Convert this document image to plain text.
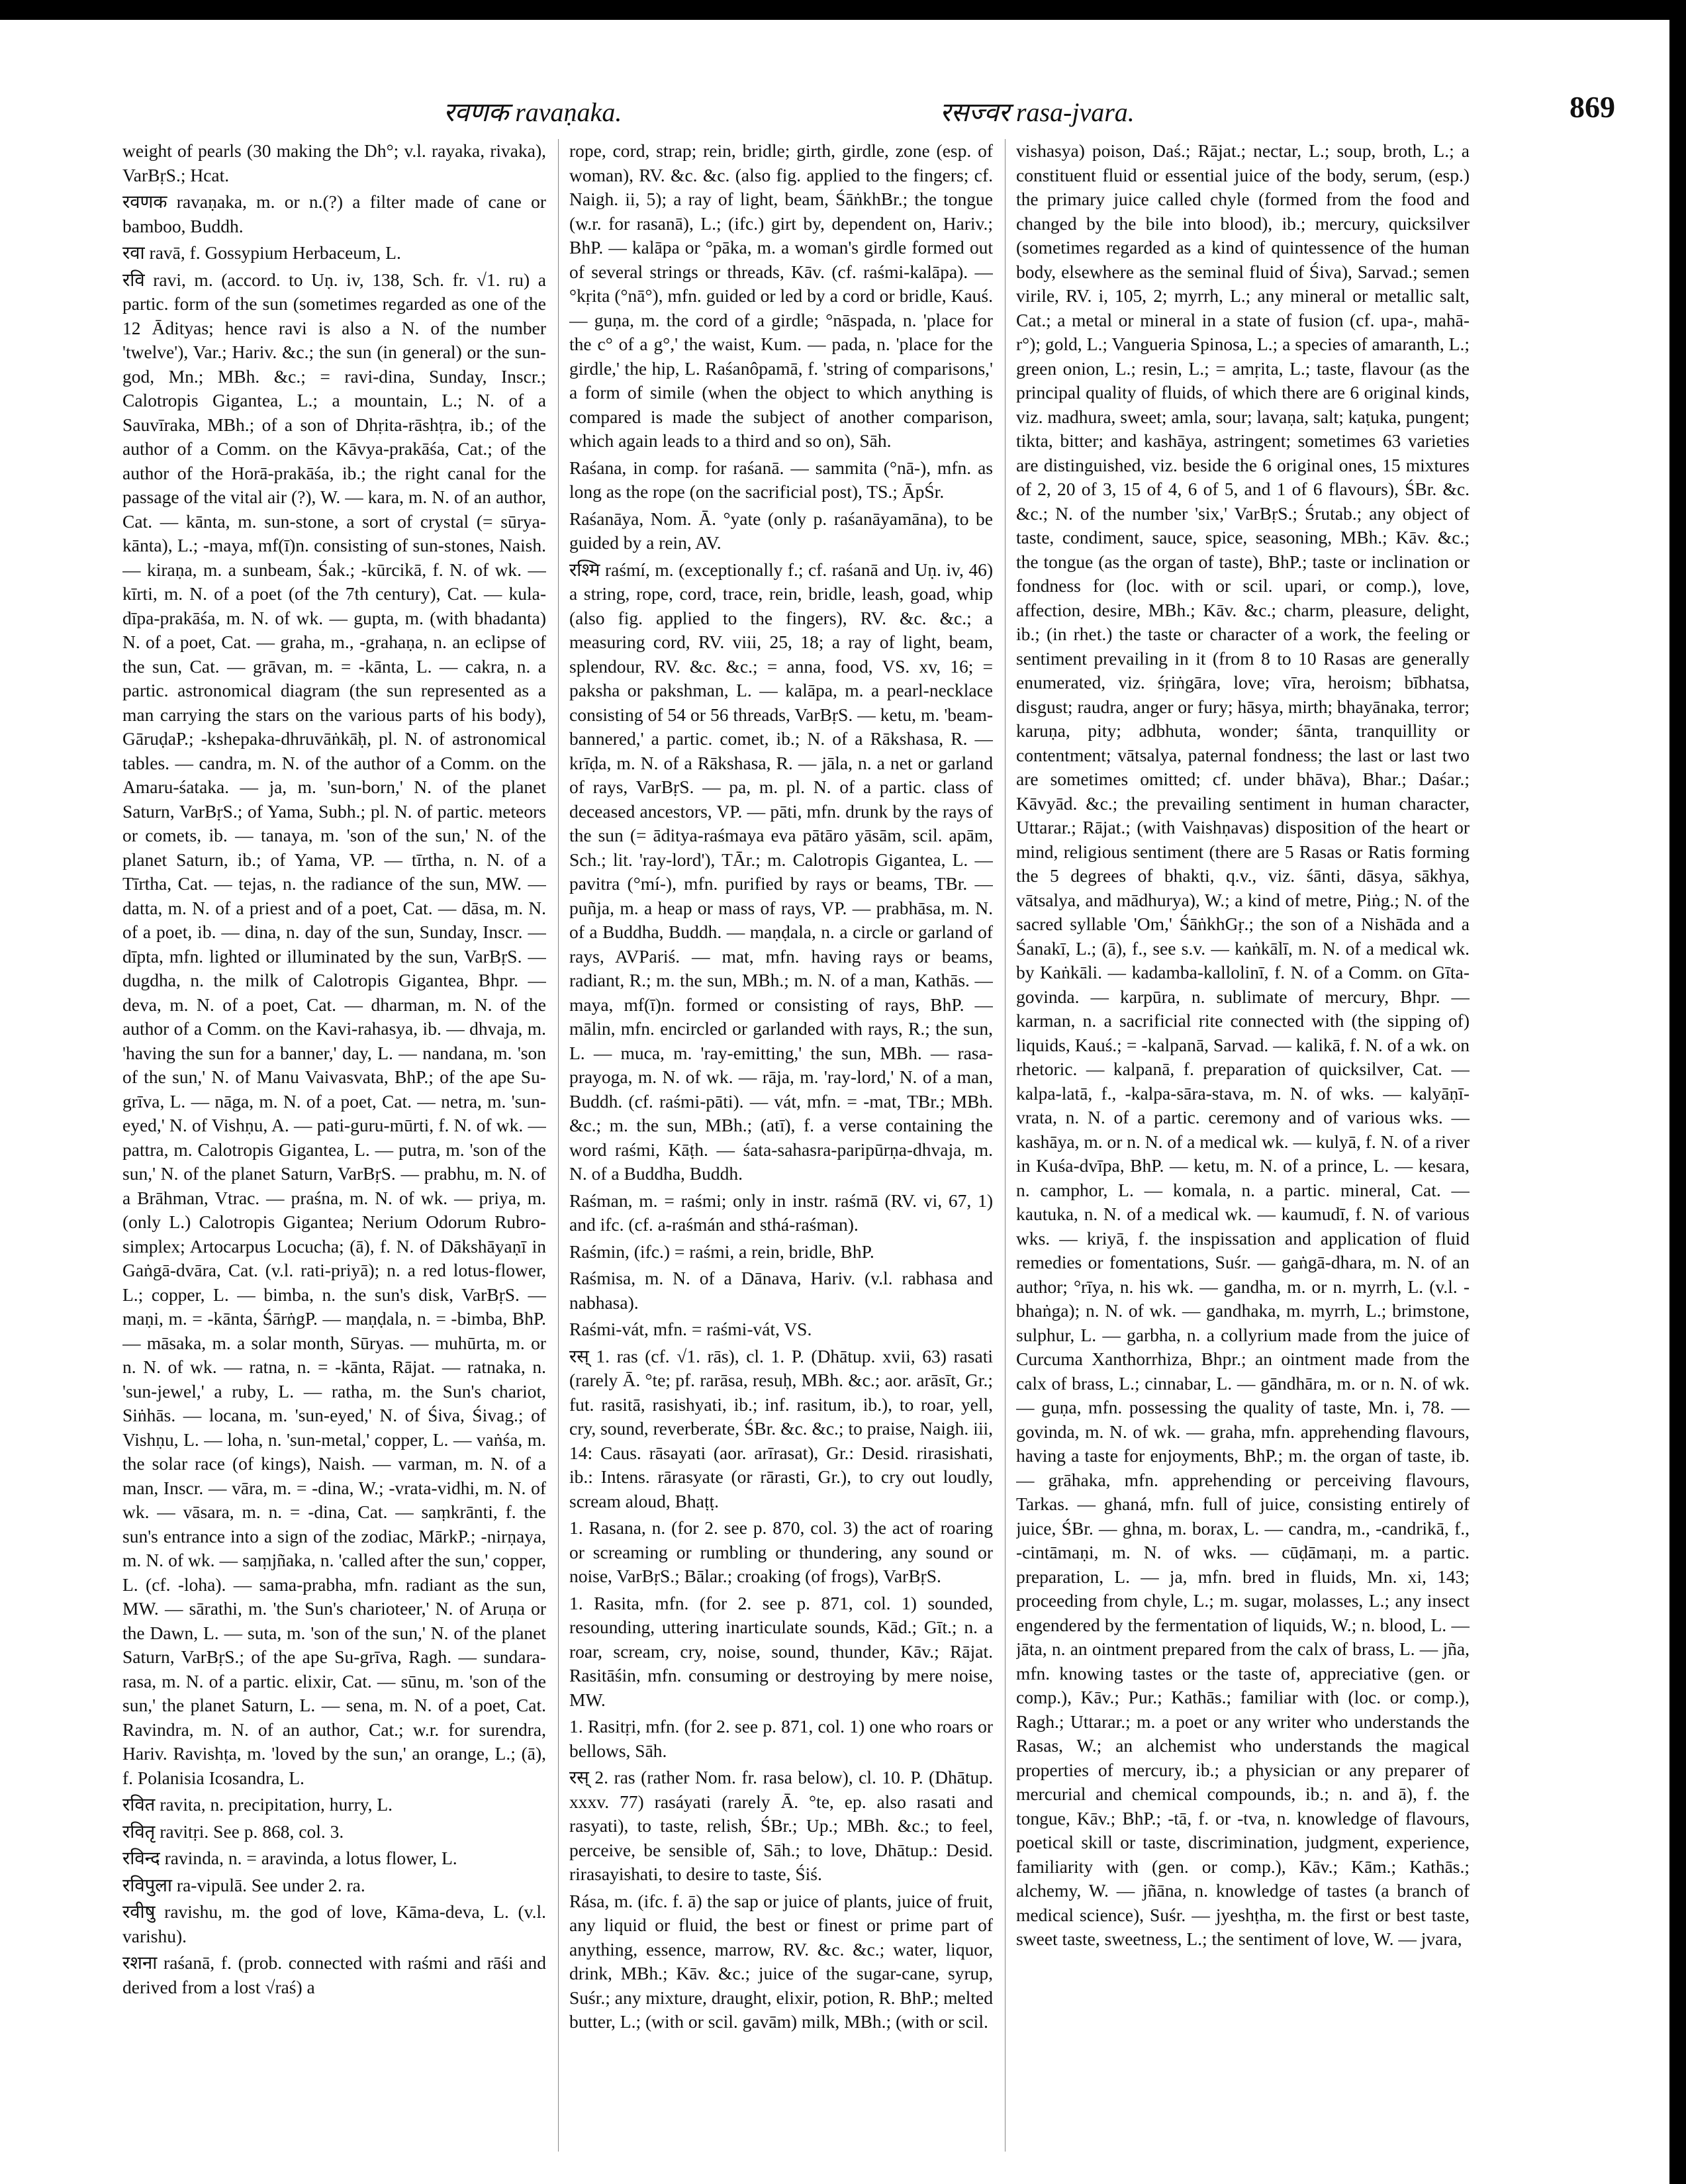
रवणक ravaṇaka.	रसज्वर rasa-jvara.	869

weight of pearls (30 making the Dh°; v.l. rayaka, rivaka), VarBṛS.; Hcat.

रवणक ravaṇaka, m. or n.(?) a filter made of cane or bamboo, Buddh.

रवा ravā, f. Gossypium Herbaceum, L.

रवि ravi, m. (accord. to Uṇ. iv, 138, Sch. fr. √1. ru) a partic. form of the sun (sometimes regarded as one of the 12 Ādityas; hence ravi is also a N. of the number 'twelve'), Var.; Hariv. &c.; the sun (in general) or the sun-god, Mn.; MBh. &c.; = ravi-dina, Sunday, Inscr.; Calotropis Gigantea, L.; a mountain, L.; N. of a Sauvīraka, MBh.; of a son of Dhṛita-rāshṭra, ib.; of the author of a Comm. on the Kāvya-prakāśa, Cat.; of the author of the Horā-prakāśa, ib.; the right canal for the passage of the vital air (?), W. — kara, m. N. of an author, Cat. — kānta, m. sun-stone, a sort of crystal (= sūrya-kānta), L.; -maya, mf(ī)n. consisting of sun-stones, Naish. — kiraṇa, m. a sunbeam, Śak.; -kūrcikā, f. N. of wk. — kīrti, m. N. of a poet (of the 7th century), Cat. — kula-dīpa-prakāśa, m. N. of wk. — gupta, m. (with bhadanta) N. of a poet, Cat. — graha, m., -grahaṇa, n. an eclipse of the sun, Cat. — grāvan, m. = -kānta, L. — cakra, n. a partic. astronomical diagram (the sun represented as a man carrying the stars on the various parts of his body), GāruḍaP.; -kshepaka-dhruvāṅkāḥ, pl. N. of astronomical tables. — candra, m. N. of the author of a Comm. on the Amaru-śataka. — ja, m. 'sun-born,' N. of the planet Saturn, VarBṛS.; of Yama, Subh.; pl. N. of partic. meteors or comets, ib. — tanaya, m. 'son of the sun,' N. of the planet Saturn, ib.; of Yama, VP. — tīrtha, n. N. of a Tīrtha, Cat. — tejas, n. the radiance of the sun, MW. — datta, m. N. of a priest and of a poet, Cat. — dāsa, m. N. of a poet, ib. — dina, n. day of the sun, Sunday, Inscr. — dīpta, mfn. lighted or illuminated by the sun, VarBṛS. — dugdha, n. the milk of Calotropis Gigantea, Bhpr. — deva, m. N. of a poet, Cat. — dharman, m. N. of the author of a Comm. on the Kavi-rahasya, ib. — dhvaja, m. 'having the sun for a banner,' day, L. — nandana, m. 'son of the sun,' N. of Manu Vaivasvata, BhP.; of the ape Su-grīva, L. — nāga, m. N. of a poet, Cat. — netra, m. 'sun-eyed,' N. of Vishṇu, A. — pati-guru-mūrti, f. N. of wk. — pattra, m. Calotropis Gigantea, L. — putra, m. 'son of the sun,' N. of the planet Saturn, VarBṛS. — prabhu, m. N. of a Brāhman, Vtrac. — praśna, m. N. of wk. — priya, m. (only L.) Calotropis Gigantea; Nerium Odorum Rubro-simplex; Artocarpus Locucha; (ā), f. N. of Dākshāyaṇī in Gaṅgā-dvāra, Cat. (v.l. rati-priyā); n. a red lotus-flower, L.; copper, L. — bimba, n. the sun's disk, VarBṛS. — maṇi, m. = -kānta, ŚārṅgP. — maṇḍala, n. = -bimba, BhP. — māsaka, m. a solar month, Sūryas. — muhūrta, m. or n. N. of wk. — ratna, n. = -kānta, Rājat. — ratnaka, n. 'sun-jewel,' a ruby, L. — ratha, m. the Sun's chariot, Siṅhās. — locana, m. 'sun-eyed,' N. of Śiva, Śivag.; of Vishṇu, L. — loha, n. 'sun-metal,' copper, L. — vaṅśa, m. the solar race (of kings), Naish. — varman, m. N. of a man, Inscr. — vāra, m. = -dina, W.; -vrata-vidhi, m. N. of wk. — vāsara, m. n. = -dina, Cat. — saṃkrānti, f. the sun's entrance into a sign of the zodiac, MārkP.; -nirṇaya, m. N. of wk. — saṃjñaka, n. 'called after the sun,' copper, L. (cf. -loha). — sama-prabha, mfn. radiant as the sun, MW. — sārathi, m. 'the Sun's charioteer,' N. of Aruṇa or the Dawn, L. — suta, m. 'son of the sun,' N. of the planet Saturn, VarBṛS.; of the ape Su-grīva, Ragh. — sundara-rasa, m. N. of a partic. elixir, Cat. — sūnu, m. 'son of the sun,' the planet Saturn, L. — sena, m. N. of a poet, Cat. Ravindra, m. N. of an author, Cat.; w.r. for surendra, Hariv. Ravishṭa, m. 'loved by the sun,' an orange, L.; (ā), f. Polanisia Icosandra, L.

रवित ravita, n. precipitation, hurry, L.

रवितृ ravitṛi. See p. 868, col. 3.

रविन्द ravinda, n. = aravinda, a lotus flower, L.

रविपुला ra-vipulā. See under 2. ra.

रवीषु ravishu, m. the god of love, Kāma-deva, L. (v.l. varishu).

रशना raśanā, f. (prob. connected with raśmi and rāśi and derived from a lost √raś) a

rope, cord, strap; rein, bridle; girth, girdle, zone (esp. of woman), RV. &c. &c. (also fig. applied to the fingers; cf. Naigh. ii, 5); a ray of light, beam, ŚāṅkhBr.; the tongue (w.r. for rasanā), L.; (ifc.) girt by, dependent on, Hariv.; BhP. — kalāpa or °pāka, m. a woman's girdle formed out of several strings or threads, Kāv. (cf. raśmi-kalāpa). — °kṛita (°nā°), mfn. guided or led by a cord or bridle, Kauś. — guṇa, m. the cord of a girdle; °nāspada, n. 'place for the c° of a g°,' the waist, Kum. — pada, n. 'place for the girdle,' the hip, L. Raśanôpamā, f. 'string of comparisons,' a form of simile (when the object to which anything is compared is made the subject of another comparison, which again leads to a third and so on), Sāh.

Raśana, in comp. for raśanā. — sammita (°nā-), mfn. as long as the rope (on the sacrificial post), TS.; ĀpŚr.

Raśanāya, Nom. Ā. °yate (only p. raśanāyamāna), to be guided by a rein, AV.

रश्मि raśmí, m. (exceptionally f.; cf. raśanā and Uṇ. iv, 46) a string, rope, cord, trace, rein, bridle, leash, goad, whip (also fig. applied to the fingers), RV. &c. &c.; a measuring cord, RV. viii, 25, 18; a ray of light, beam, splendour, RV. &c. &c.; = anna, food, VS. xv, 16; = paksha or pakshman, L. — kalāpa, m. a pearl-necklace consisting of 54 or 56 threads, VarBṛS. — ketu, m. 'beam-bannered,' a partic. comet, ib.; N. of a Rākshasa, R. — krīḍa, m. N. of a Rākshasa, R. — jāla, n. a net or garland of rays, VarBṛS. — pa, m. pl. N. of a partic. class of deceased ancestors, VP. — pāti, mfn. drunk by the rays of the sun (= āditya-raśmaya eva pātāro yāsām, scil. apām, Sch.; lit. 'ray-lord'), TĀr.; m. Calotropis Gigantea, L. — pavitra (°mí-), mfn. purified by rays or beams, TBr. — puñja, m. a heap or mass of rays, VP. — prabhāsa, m. N. of a Buddha, Buddh. — maṇḍala, n. a circle or garland of rays, AVPariś. — mat, mfn. having rays or beams, radiant, R.; m. the sun, MBh.; m. N. of a man, Kathās. — maya, mf(ī)n. formed or consisting of rays, BhP. — mālin, mfn. encircled or garlanded with rays, R.; the sun, L. — muca, m. 'ray-emitting,' the sun, MBh. — rasa-prayoga, m. N. of wk. — rāja, m. 'ray-lord,' N. of a man, Buddh. (cf. raśmi-pāti). — vát, mfn. = -mat, TBr.; MBh. &c.; m. the sun, MBh.; (atī), f. a verse containing the word raśmi, Kāṭh. — śata-sahasra-paripūrṇa-dhvaja, m. N. of a Buddha, Buddh.

Raśman, m. = raśmi; only in instr. raśmā (RV. vi, 67, 1) and ifc. (cf. a-raśmán and sthá-raśman).

Raśmin, (ifc.) = raśmi, a rein, bridle, BhP.

Raśmisa, m. N. of a Dānava, Hariv. (v.l. rabhasa and nabhasa).

Raśmi-vát, mfn. = raśmi-vát, VS.

रस् 1. ras (cf. √1. rās), cl. 1. P. (Dhātup. xvii, 63) rasati (rarely Ā. °te; pf. rarāsa, resuḥ, MBh. &c.; aor. arāsīt, Gr.; fut. rasitā, rasishyati, ib.; inf. rasitum, ib.), to roar, yell, cry, sound, reverberate, ŚBr. &c. &c.; to praise, Naigh. iii, 14: Caus. rāsayati (aor. arīrasat), Gr.: Desid. rirasishati, ib.: Intens. rārasyate (or rārasti, Gr.), to cry out loudly, scream aloud, Bhaṭṭ.

1. Rasana, n. (for 2. see p. 870, col. 3) the act of roaring or screaming or rumbling or thundering, any sound or noise, VarBṛS.; Bālar.; croaking (of frogs), VarBṛS.

1. Rasita, mfn. (for 2. see p. 871, col. 1) sounded, resounding, uttering inarticulate sounds, Kād.; Gīt.; n. a roar, scream, cry, noise, sound, thunder, Kāv.; Rājat. Rasitāśin, mfn. consuming or destroying by mere noise, MW.

1. Rasitṛi, mfn. (for 2. see p. 871, col. 1) one who roars or bellows, Sāh.

रस् 2. ras (rather Nom. fr. rasa below), cl. 10. P. (Dhātup. xxxv. 77) rasáyati (rarely Ā. °te, ep. also rasati and rasyati), to taste, relish, ŚBr.; Up.; MBh. &c.; to feel, perceive, be sensible of, Sāh.; to love, Dhātup.: Desid. rirasayishati, to desire to taste, Śiś.

Rása, m. (ifc. f. ā) the sap or juice of plants, juice of fruit, any liquid or fluid, the best or finest or prime part of anything, essence, marrow, RV. &c. &c.; water, liquor, drink, MBh.; Kāv. &c.; juice of the sugar-cane, syrup, Suśr.; any mixture, draught, elixir, potion, R. BhP.; melted butter, L.; (with or scil. gavām) milk, MBh.; (with or scil.

vishasya) poison, Daś.; Rājat.; nectar, L.; soup, broth, L.; a constituent fluid or essential juice of the body, serum, (esp.) the primary juice called chyle (formed from the food and changed by the bile into blood), ib.; mercury, quicksilver (sometimes regarded as a kind of quintessence of the human body, elsewhere as the seminal fluid of Śiva), Sarvad.; semen virile, RV. i, 105, 2; myrrh, L.; any mineral or metallic salt, Cat.; a metal or mineral in a state of fusion (cf. upa-, mahā-r°); gold, L.; Vangueria Spinosa, L.; a species of amaranth, L.; green onion, L.; resin, L.; = amṛita, L.; taste, flavour (as the principal quality of fluids, of which there are 6 original kinds, viz. madhura, sweet; amla, sour; lavaṇa, salt; kaṭuka, pungent; tikta, bitter; and kashāya, astringent; sometimes 63 varieties are distinguished, viz. beside the 6 original ones, 15 mixtures of 2, 20 of 3, 15 of 4, 6 of 5, and 1 of 6 flavours), ŚBr. &c. &c.; N. of the number 'six,' VarBṛS.; Śrutab.; any object of taste, condiment, sauce, spice, seasoning, MBh.; Kāv. &c.; the tongue (as the organ of taste), BhP.; taste or inclination or fondness for (loc. with or scil. upari, or comp.), love, affection, desire, MBh.; Kāv. &c.; charm, pleasure, delight, ib.; (in rhet.) the taste or character of a work, the feeling or sentiment prevailing in it (from 8 to 10 Rasas are generally enumerated, viz. śṛiṅgāra, love; vīra, heroism; bībhatsa, disgust; raudra, anger or fury; hāsya, mirth; bhayānaka, terror; karuṇa, pity; adbhuta, wonder; śānta, tranquillity or contentment; vātsalya, paternal fondness; the last or last two are sometimes omitted; cf. under bhāva), Bhar.; Daśar.; Kāvyād. &c.; the prevailing sentiment in human character, Uttarar.; Rājat.; (with Vaishṇavas) disposition of the heart or mind, religious sentiment (there are 5 Rasas or Ratis forming the 5 degrees of bhakti, q.v., viz. śānti, dāsya, sākhya, vātsalya, and mādhurya), W.; a kind of metre, Piṅg.; N. of the sacred syllable 'Om,' ŚāṅkhGṛ.; the son of a Nishāda and a Śanakī, L.; (ā), f., see s.v. — kaṅkālī, m. N. of a medical wk. by Kaṅkāli. — kadamba-kallolinī, f. N. of a Comm. on Gīta-govinda. — karpūra, n. sublimate of mercury, Bhpr. — karman, n. a sacrificial rite connected with (the sipping of) liquids, Kauś.; = -kalpanā, Sarvad. — kalikā, f. N. of a wk. on rhetoric. — kalpanā, f. preparation of quicksilver, Cat. — kalpa-latā, f., -kalpa-sāra-stava, m. N. of wks. — kalyāṇī-vrata, n. N. of a partic. ceremony and of various wks. — kashāya, m. or n. N. of a medical wk. — kulyā, f. N. of a river in Kuśa-dvīpa, BhP. — ketu, m. N. of a prince, L. — kesara, n. camphor, L. — komala, n. a partic. mineral, Cat. — kautuka, n. N. of a medical wk. — kaumudī, f. N. of various wks. — kriyā, f. the inspissation and application of fluid remedies or fomentations, Suśr. — gaṅgā-dhara, m. N. of an author; °rīya, n. his wk. — gandha, m. or n. myrrh, L. (v.l. -bhaṅga); n. N. of wk. — gandhaka, m. myrrh, L.; brimstone, sulphur, L. — garbha, n. a collyrium made from the juice of Curcuma Xanthorrhiza, Bhpr.; an ointment made from the calx of brass, L.; cinnabar, L. — gāndhāra, m. or n. N. of wk. — guṇa, mfn. possessing the quality of taste, Mn. i, 78. — govinda, m. N. of wk. — graha, mfn. apprehending flavours, having a taste for enjoyments, BhP.; m. the organ of taste, ib. — grāhaka, mfn. apprehending or perceiving flavours, Tarkas. — ghaná, mfn. full of juice, consisting entirely of juice, ŚBr. — ghna, m. borax, L. — candra, m., -candrikā, f., -cintāmaṇi, m. N. of wks. — cūḍāmaṇi, m. a partic. preparation, L. — ja, mfn. bred in fluids, Mn. xi, 143; proceeding from chyle, L.; m. sugar, molasses, L.; any insect engendered by the fermentation of liquids, W.; n. blood, L. — jāta, n. an ointment prepared from the calx of brass, L. — jña, mfn. knowing tastes or the taste of, appreciative (gen. or comp.), Kāv.; Pur.; Kathās.; familiar with (loc. or comp.), Ragh.; Uttarar.; m. a poet or any writer who understands the Rasas, W.; an alchemist who understands the magical properties of mercury, ib.; a physician or any preparer of mercurial and chemical compounds, ib.; n. and ā), f. the tongue, Kāv.; BhP.; -tā, f. or -tva, n. knowledge of flavours, poetical skill or taste, discrimination, judgment, experience, familiarity with (gen. or comp.), Kāv.; Kām.; Kathās.; alchemy, W. — jñāna, n. knowledge of tastes (a branch of medical science), Suśr. — jyeshṭha, m. the first or best taste, sweet taste, sweetness, L.; the sentiment of love, W. — jvara,
